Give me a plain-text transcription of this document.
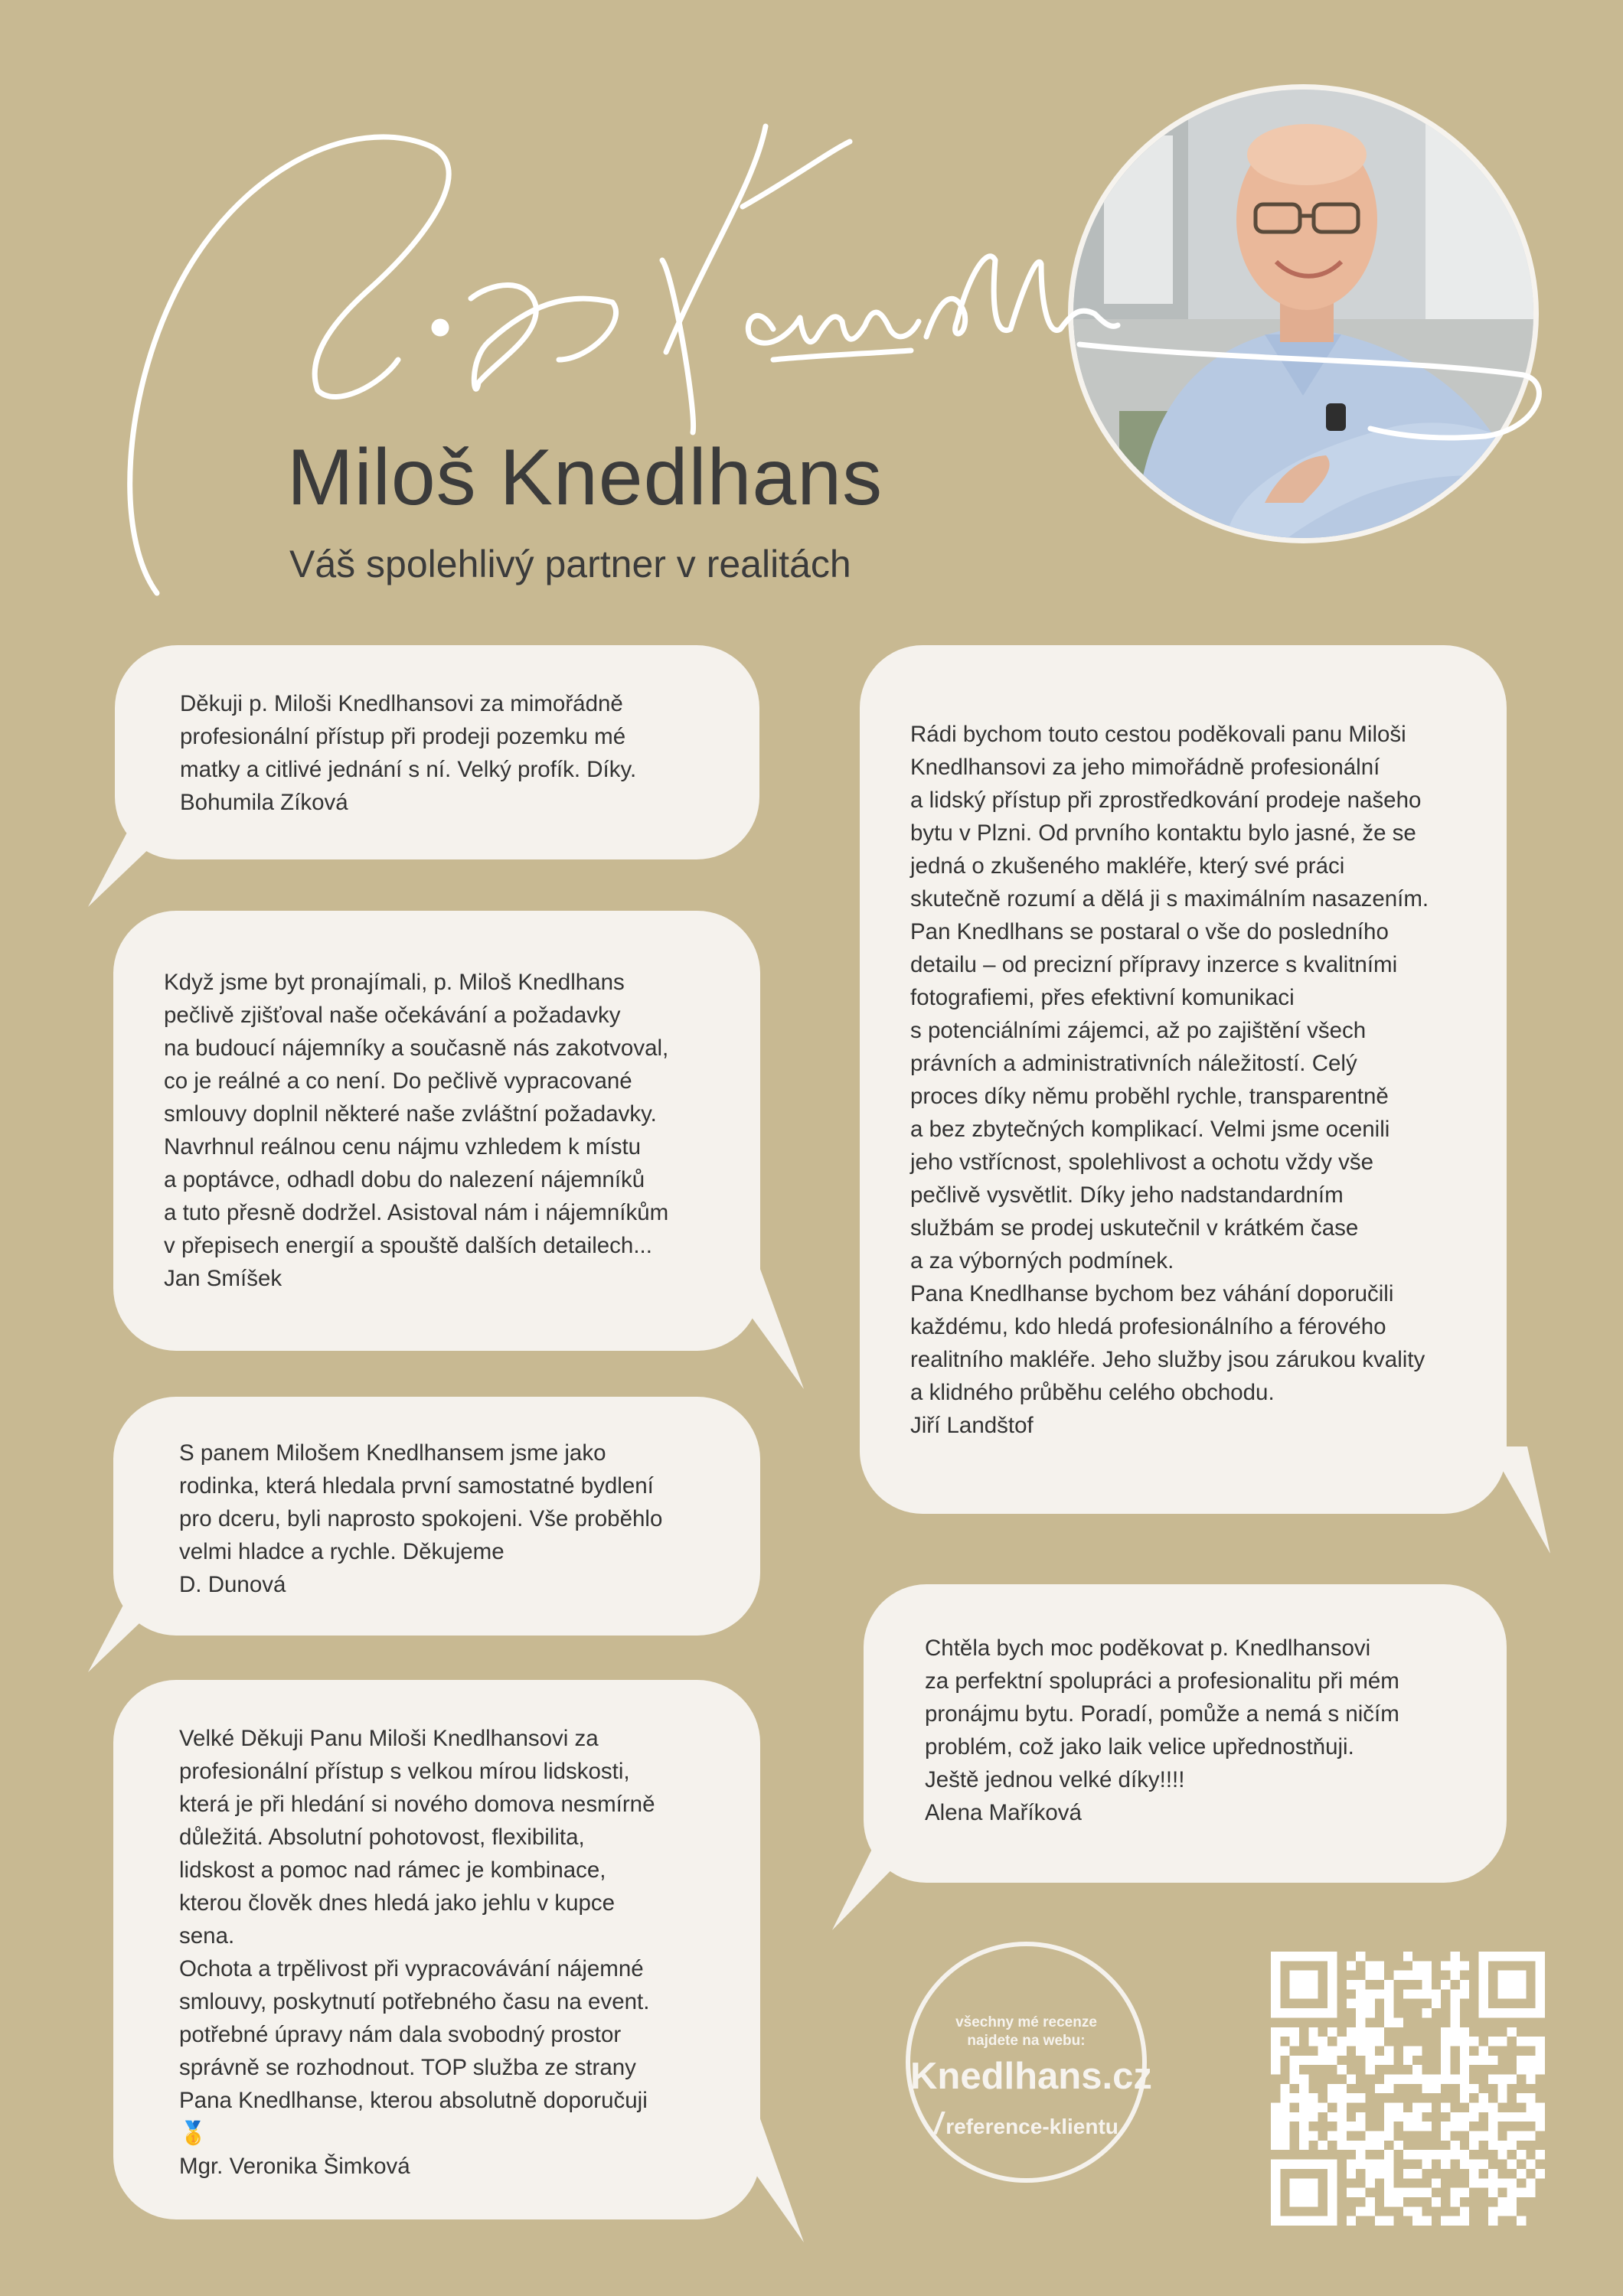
Miloš Knedlhans
Váš spolehlivý partner v realitách

Děkuji p. Miloši Knedlhansovi za mimořádně

profesionální přístup při prodeji pozemku mé

matky a citlivé jednání s ní. Velký profík. Díky.

Bohumila Zíková

Když jsme byt pronajímali, p. Miloš Knedlhans

pečlivě zjišťoval naše očekávání a požadavky

na budoucí nájemníky a současně nás zakotvoval,

co je reálné a co není. Do pečlivě vypracované

smlouvy doplnil některé naše zvláštní požadavky.

Navrhnul reálnou cenu nájmu vzhledem k místu

a poptávce, odhadl dobu do nalezení nájemníků

a tuto přesně dodržel. Asistoval nám i nájemníkům

v přepisech energií a spouště dalších detailech...

Jan Smíšek

S panem Milošem Knedlhansem jsme jako

rodinka, která hledala první samostatné bydlení

pro dceru, byli naprosto spokojeni. Vše proběhlo

velmi hladce a rychle. Děkujeme

D. Dunová

Velké Děkuji Panu Miloši Knedlhansovi za

profesionální přístup s velkou mírou lidskosti,

která je při hledání si nového domova nesmírně

důležitá. Absolutní pohotovost, flexibilita,

lidskost a pomoc nad rámec je kombinace,

kterou člověk dnes hledá jako jehlu v kupce

sena.

Ochota a trpělivost při vypracovávání nájemné

smlouvy, poskytnutí potřebného času na event.

potřebné úpravy nám dala svobodný prostor

správně se rozhodnout. TOP služba ze strany

Pana Knedlhanse, kterou absolutně doporučuji

🥇

Mgr. Veronika Šimková

Rádi bychom touto cestou poděkovali panu Miloši

Knedlhansovi za jeho mimořádně profesionální

a lidský přístup při zprostředkování prodeje našeho

bytu v Plzni. Od prvního kontaktu bylo jasné, že se

jedná o zkušeného makléře, který své práci

skutečně rozumí a dělá ji s maximálním nasazením.

Pan Knedlhans se postaral o vše do posledního

detailu – od precizní přípravy inzerce s kvalitními

fotografiemi, přes efektivní komunikaci

s potenciálními zájemci, až po zajištění všech

právních a administrativních náležitostí. Celý

proces díky němu proběhl rychle, transparentně

a bez zbytečných komplikací. Velmi jsme ocenili

jeho vstřícnost, spolehlivost a ochotu vždy vše

pečlivě vysvětlit. Díky jeho nadstandardním

službám se prodej uskutečnil v krátkém čase

a za výborných podmínek.

Pana Knedlhanse bychom bez váhání doporučili

každému, kdo hledá profesionálního a férového

realitního makléře. Jeho služby jsou zárukou kvality

a klidného průběhu celého obchodu.

Jiří Landštof

Chtěla bych moc poděkovat p. Knedlhansovi

za perfektní spolupráci a profesionalitu při mém

pronájmu bytu. Poradí, pomůže a nemá s ničím

problém, což jako laik velice upřednostňuji.

Ještě jednou velké díky!!!!

Alena Maříková

všechny mé recenze
najdete na webu:
Knedlhans.cz
/ reference-klientu
